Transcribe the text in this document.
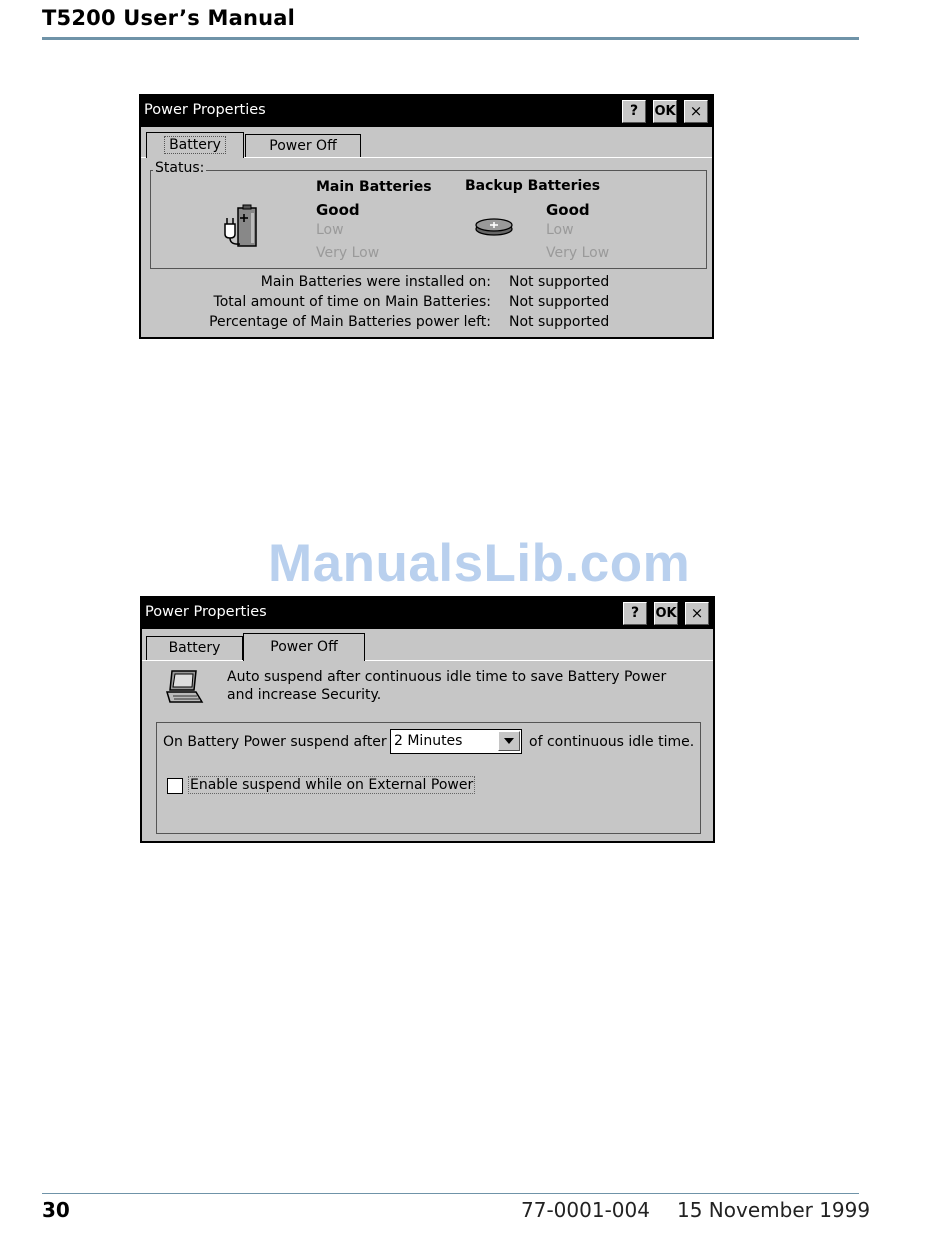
T5200 User’s Manual
ManualsLib.com
Power Properties	?	OK ×
Battery	Power Off
Status:
Main Batteries
Good
Low
Very Low
Backup Batteries
Good
Low
Very Low
Main Batteries were installed on: Not supported
Total amount of time on Main Batteries: Not supported
Percentage of Main Batteries power left: Not supported
Power Properties	?	OK ×
Battery	Power Off
Auto suspend after continuous idle time to save Battery Power
and increase Security.
On Battery Power suspend after 2 Minutes	of continuous idle time.
Enable suspend while on External Power
30	77-0001-004 15 November 1999
